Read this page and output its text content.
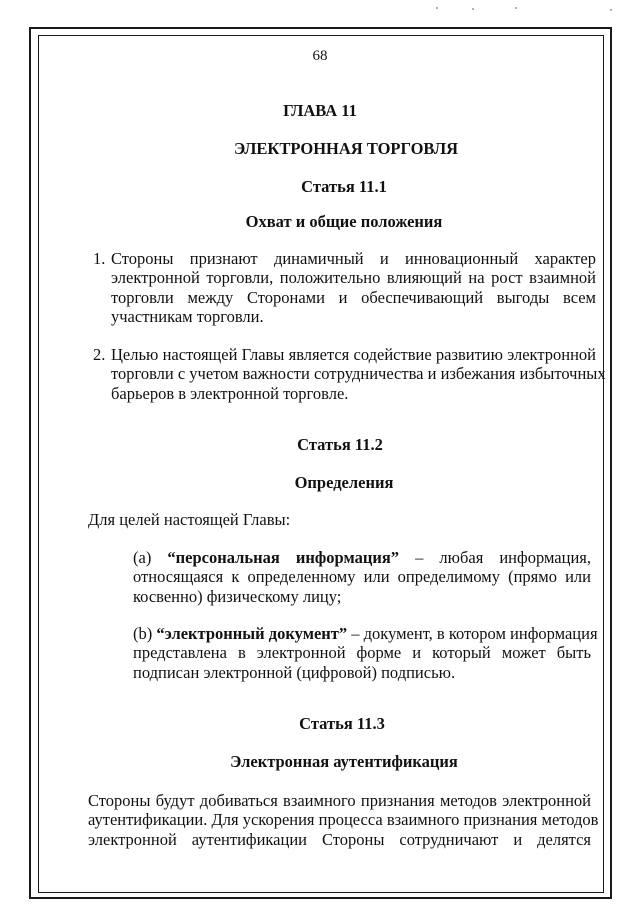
68
ГЛАВА 11
ЭЛЕКТРОННАЯ ТОРГОВЛЯ
Статья 11.1
Охват и общие положения
1. Стороны признают динамичный и инновационный характер
электронной торговли, положительно влияющий на рост взаимной
торговли между Сторонами и обеспечивающий выгоды всем
участникам торговли.
2. Целью настоящей Главы является содействие развитию электронной
торговли с учетом важности сотрудничества и избежания избыточных
барьеров в электронной торговле.
Статья 11.2
Определения
Для целей настоящей Главы:
(a) “персональная информация” – любая информация,
относящаяся к определенному или определимому (прямо или
косвенно) физическому лицу;
(b) “электронный документ” – документ, в котором информация
представлена в электронной форме и который может быть
подписан электронной (цифровой) подписью.
Статья 11.3
Электронная аутентификация
Стороны будут добиваться взаимного признания методов электронной
аутентификации. Для ускорения процесса взаимного признания методов
электронной аутентификации Стороны сотрудничают и делятся
